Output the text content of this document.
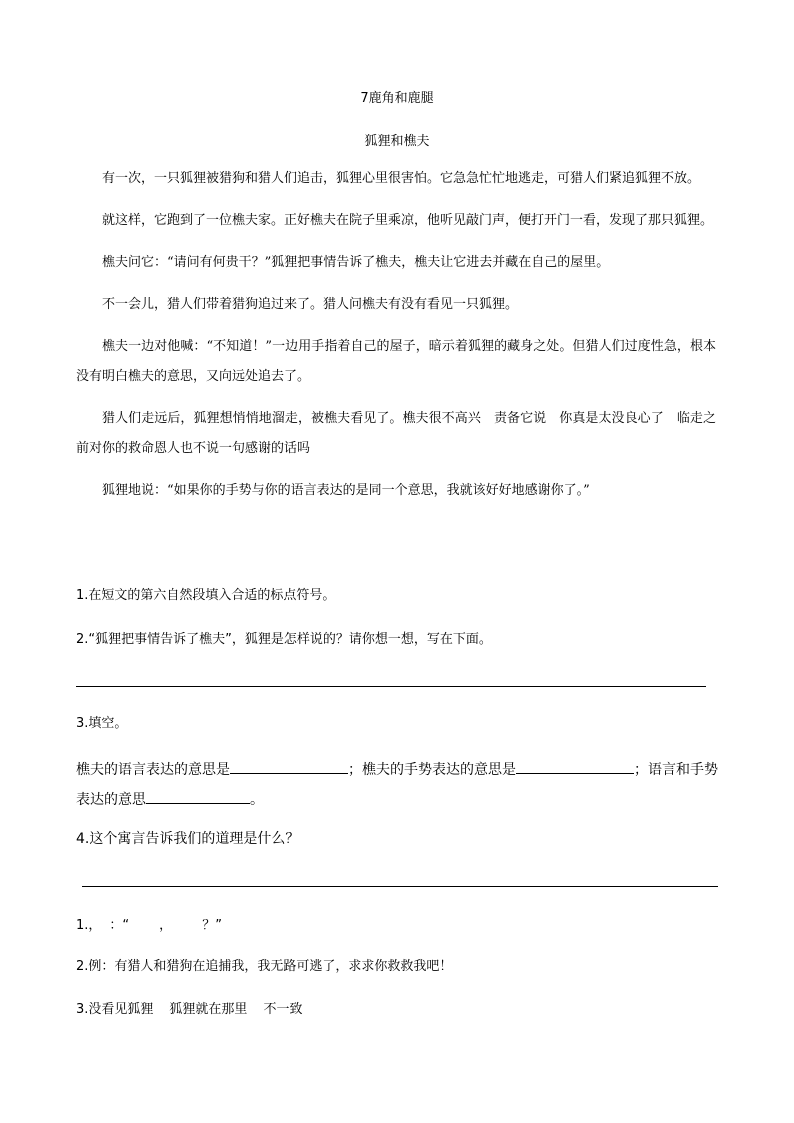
7鹿角和鹿腿
狐狸和樵夫

有一次，一只狐狸被猎狗和猎人们追击，狐狸心里很害怕。它急急忙忙地逃走，可猎人们紧追狐狸不放。

就这样，它跑到了一位樵夫家。正好樵夫在院子里乘凉，他听见敲门声，便打开门一看，发现了那只狐狸。

樵夫问它：“请问有何贵干？”狐狸把事情告诉了樵夫，樵夫让它进去并藏在自己的屋里。

不一会儿，猎人们带着猎狗追过来了。猎人问樵夫有没有看见一只狐狸。

樵夫一边对他喊：“不知道！”一边用手指着自己的屋子，暗示着狐狸的藏身之处。但猎人们过度性急，根本没有明白樵夫的意思，又向远处追去了。

猎人们走远后，狐狸想悄悄地溜走，被樵夫看见了。樵夫很不高兴　责备它说　你真是太没良心了　临走之前对你的救命恩人也不说一句感谢的话吗

狐狸地说：“如果你的手势与你的语言表达的是同一个意思，我就该好好地感谢你了。”

1.在短文的第六自然段填入合适的标点符号。
2.“狐狸把事情告诉了樵夫”，狐狸是怎样说的？请你想一想，写在下面。
3.填空。
樵夫的语言表达的意思是	；樵夫的手势表达的意思是	；语言和手势
表达的意思	。
4.这个寓言告诉我们的道理是什么？
1.， ：“ ， ？”
2.例：有猎人和猎狗在追捕我，我无路可逃了，求求你救救我吧！
3.没看见狐狸 狐狸就在那里 不一致
